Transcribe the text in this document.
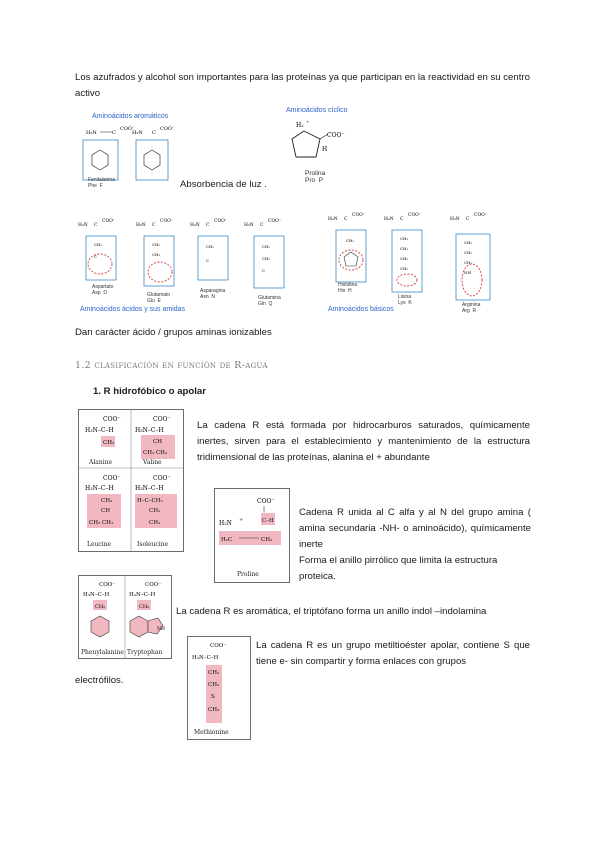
Los azufrados y alcohol son importantes para las proteínas ya que participan en la reactividad en su centro activo
Aminoácidos aromáticos
H₃N	C
COO⁻
Fenilalanina
Phe  F
H₃N C
COO⁻
Absorbencia de luz .
Aminoácidos cíclico
H₂
+
COO⁻
H
Prolina
Pro  P
H₃N C
COO⁻
CH₂
C
H₃N C
COO⁻
CH₂
CH₂
H₃N C
COO⁻
CH₂
C
H₃N C
COO⁻
CH₂
CH₂
C
Aspartato
Asp  D	Glutamato
Glu  E
Asparagina
Asn  N	Glutamina
Gln  Q
Aminoácidos ácidos y sus amidas
H₃N C
COO⁻
CH₂
H₃N C
COO⁻
CH₂
CH₂
CH₂
CH₂
H₃N C
COO⁻
CH₂
CH₂
CH₂
NH
Histidina
His  H
Lisina
Lys  K	Arginina
Arg  R
Aminoácidos básicos
Dan carácter ácido / grupos aminas ionizables
1.2 clasificación en función de R-agua
1. R hidrofóbico o apolar
COO⁻
H₃N–C–H
CH₃
Alanine
COO⁻
H₃N–C–H
CH
CH₃ CH₃
Valine
COO⁻
H₃N–C–H
CH₂
CH
CH₃ CH₃
Leucine
COO⁻
H₃N–C–H
H–C–CH₃
CH₂
CH₃
Isoleucine
La cadena R está formada por hidrocarburos saturados, químicamente inertes, sirven para el establecimiento y mantenimiento de la estructura tridimensional de las proteínas, alanina el + abundante
COO⁻
|
H₂N +	C–H
H₂C	CH₂
Proline
Cadena R unida al C alfa y al N del grupo amina ( amina secundaria -NH- o aminoácido), químicamente inerte
Forma el anillo pirrólico que limita la estructura proteica.
COO⁻
H₃N–C–H
CH₂
Phenylalanine
COO⁻
H₃N–C–H
CH₂
NH
Tryptophan
La cadena R es aromática, el triptófano forma un anillo indol –indolamina
COO⁻
H₃N–C–H
CH₂
CH₂
S
CH₃
Methionine
La cadena R es un grupo metiltioéster apolar, contiene S que tiene e- sin compartir y forma enlaces con grupos
electrófilos.
